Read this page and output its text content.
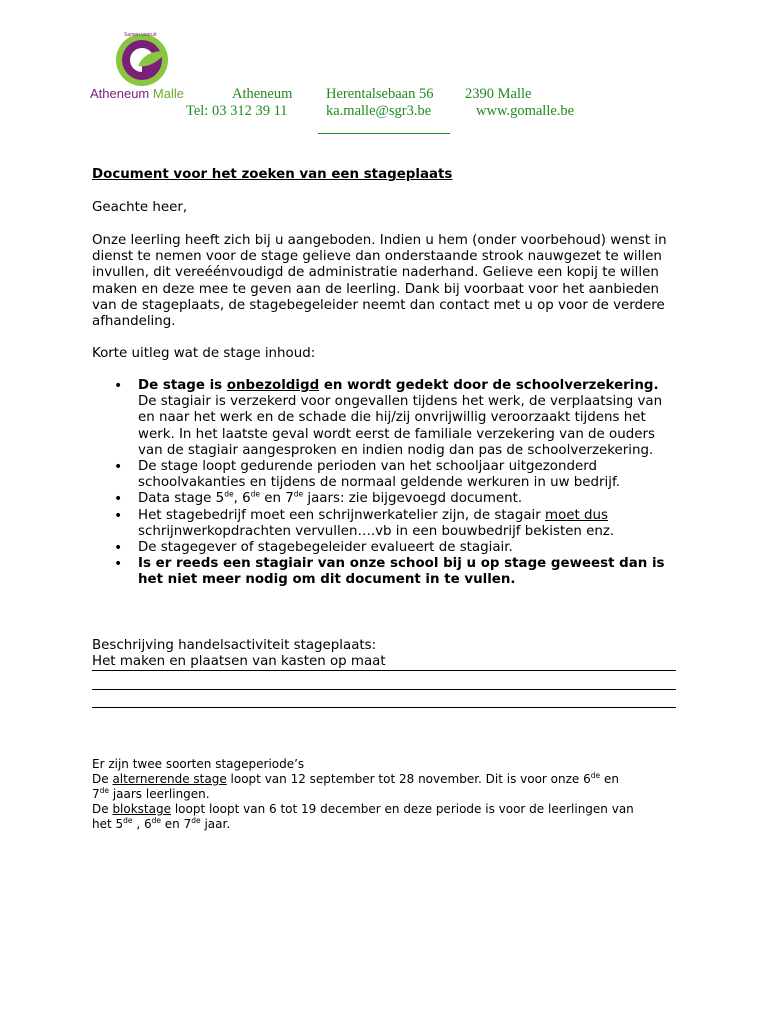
Samen vooruit
Atheneum Malle	Atheneum Herentalsebaan 56 2390 Malle
Tel: 03 312 39 11	ka.malle@sgr3.be	www.gomalle.be
Document voor het zoeken van een stageplaats
Geachte heer,
Onze leerling heeft zich bij u aangeboden. Indien u hem (onder voorbehoud) wenst in dienst te nemen voor de stage gelieve dan onderstaande strook nauwgezet te willen invullen, dit vereéénvoudigd de administratie naderhand. Gelieve een kopij te willen maken en deze mee te geven aan de leerling. Dank bij voorbaat voor het aanbieden van de stageplaats, de stagebegeleider neemt dan contact met u op voor de verdere afhandeling.
Korte uitleg wat de stage inhoud:
• De stage is onbezoldigd en wordt gedekt door de schoolverzekering. De stagiair is verzekerd voor ongevallen tijdens het werk, de verplaatsing van en naar het werk en de schade die hij/zij onvrijwillig veroorzaakt tijdens het werk. In het laatste geval wordt eerst de familiale verzekering van de ouders van de stagiair aangesproken en indien nodig dan pas de schoolverzekering.
• De stage loopt gedurende perioden van het schooljaar uitgezonderd schoolvakanties en tijdens de normaal geldende werkuren in uw bedrijf.
• Data stage 5de, 6de en 7de jaars: zie bijgevoegd document.
• Het stagebedrijf moet een schrijnwerkatelier zijn, de stagair moet dus schrijnwerkopdrachten vervullen….vb in een bouwbedrijf bekisten enz.
• De stagegever of stagebegeleider evalueert de stagiair.
• Is er reeds een stagiair van onze school bij u op stage geweest dan is het niet meer nodig om dit document in te vullen.
Beschrijving handelsactiviteit stageplaats:
Het maken en plaatsen van kasten op maat
Er zijn twee soorten stageperiode’s
De alternerende stage loopt van 12 september tot 28 november. Dit is voor onze 6de en
7de jaars leerlingen.
De blokstage loopt loopt van 6 tot 19 december en deze periode is voor de leerlingen van
het 5de , 6de en 7de jaar.
